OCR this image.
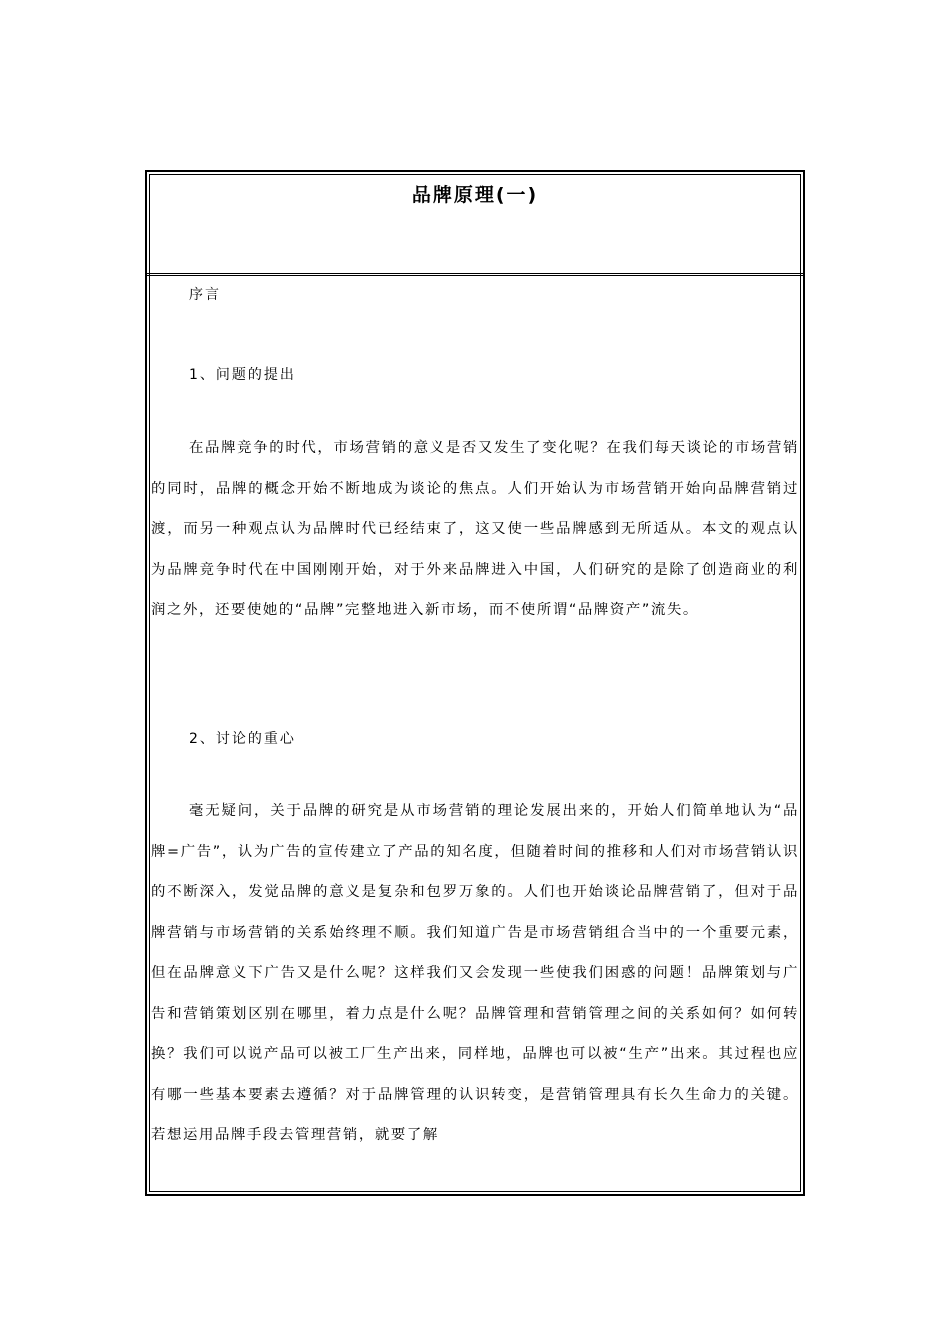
品牌原理(一)
序言
1、问题的提出
在品牌竞争的时代，市场营销的意义是否又发生了变化呢？在我们每天谈论的市场营销的同时，品牌的概念开始不断地成为谈论的焦点。人们开始认为市场营销开始向品牌营销过渡，而另一种观点认为品牌时代已经结束了，这又使一些品牌感到无所适从。本文的观点认为品牌竞争时代在中国刚刚开始，对于外来品牌进入中国，人们研究的是除了创造商业的利润之外，还要使她的“品牌”完整地进入新市场，而不使所谓“品牌资产”流失。
2、讨论的重心
毫无疑问，关于品牌的研究是从市场营销的理论发展出来的，开始人们简单地认为“品牌=广告”，认为广告的宣传建立了产品的知名度，但随着时间的推移和人们对市场营销认识的不断深入，发觉品牌的意义是复杂和包罗万象的。人们也开始谈论品牌营销了，但对于品牌营销与市场营销的关系始终理不顺。我们知道广告是市场营销组合当中的一个重要元素，但在品牌意义下广告又是什么呢？这样我们又会发现一些使我们困惑的问题！品牌策划与广告和营销策划区别在哪里，着力点是什么呢？品牌管理和营销管理之间的关系如何？如何转换？我们可以说产品可以被工厂生产出来，同样地，品牌也可以被“生产”出来。其过程也应有哪一些基本要素去遵循？对于品牌管理的认识转变，是营销管理具有长久生命力的关键。若想运用品牌手段去管理营销，就要了解
